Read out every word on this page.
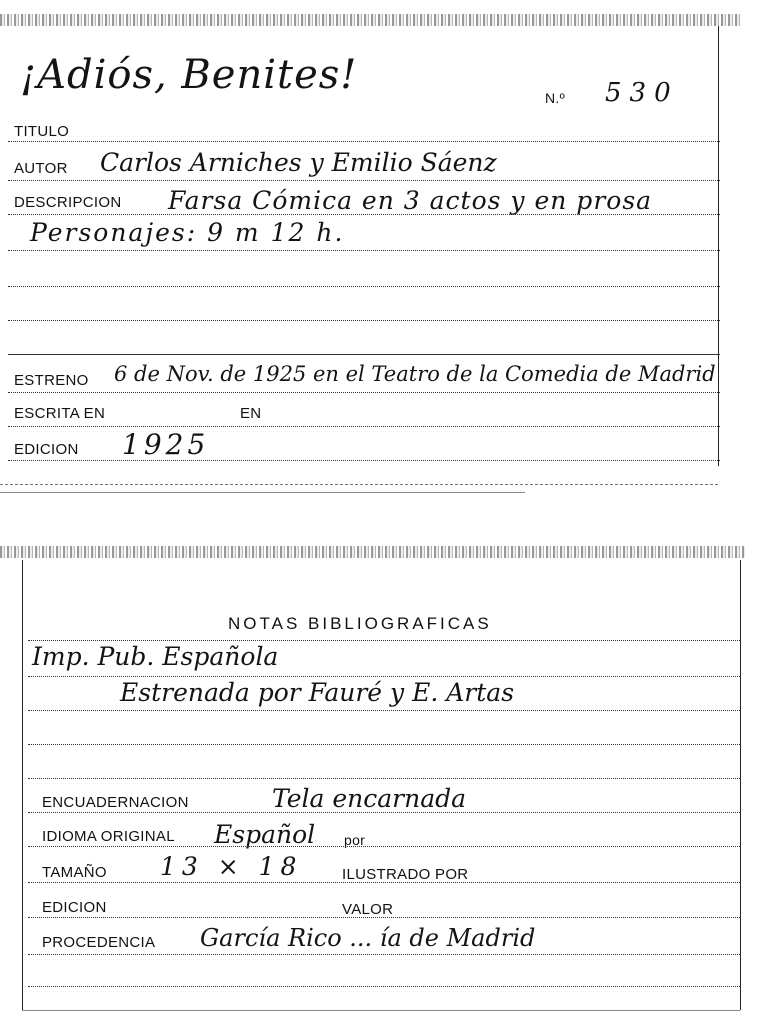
¡Adiós, Benites!	N.º 530
TITULO
AUTOR Carlos Arniches y Emilio Sáenz
DESCRIPCION Farsa Cómica en 3 actos y en prosa
Personajes: 9 m 12 h.
ESTRENO 6 de Nov. de 1925 en el Teatro de la Comedia de Madrid
ESCRITA EN	EN
EDICION 1925
NOTAS BIBLIOGRAFICAS
Imp. Pub. Española
Estrenada por Fauré y E. Artas
ENCUADERNACION	Tela encarnada
IDIOMA ORIGINAL Español por
TAMAÑO 13 × 18	ILUSTRADO POR
EDICION	VALOR
PROCEDENCIA García Rico ... ía de Madrid
